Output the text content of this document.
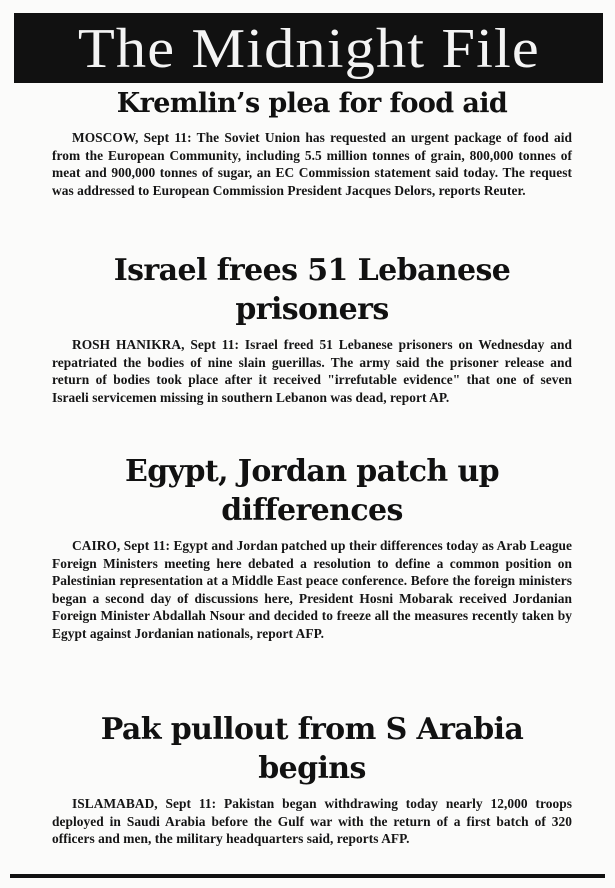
The Midnight File
Kremlin’s plea for food aid

MOSCOW, Sept 11: The Soviet Union has requested an urgent package of food aid from the European Community, including 5.5 million tonnes of grain, 800,000 tonnes of meat and 900,000 tonnes of sugar, an EC Commission statement said today. The request was addressed to European Commission President Jacques Delors, reports Reuter.

Israel frees 51 Lebanese prisoners

ROSH HANIKRA, Sept 11: Israel freed 51 Lebanese prisoners on Wednesday and repatriated the bodies of nine slain guerillas. The army said the prisoner release and return of bodies took place after it received "irrefutable evidence" that one of seven Israeli servicemen missing in southern Lebanon was dead, report AP.

Egypt, Jordan patch up differences

CAIRO, Sept 11: Egypt and Jordan patched up their differences today as Arab League Foreign Ministers meeting here debated a resolution to define a common position on Palestinian representation at a Middle East peace conference. Before the foreign ministers began a second day of discussions here, President Hosni Mobarak received Jordanian Foreign Minister Abdallah Nsour and decided to freeze all the measures recently taken by Egypt against Jordanian nationals, report AFP.

Pak pullout from S Arabia begins

ISLAMABAD, Sept 11: Pakistan began withdrawing today nearly 12,000 troops deployed in Saudi Arabia before the Gulf war with the return of a first batch of 320 officers and men, the military headquarters said, reports AFP.
